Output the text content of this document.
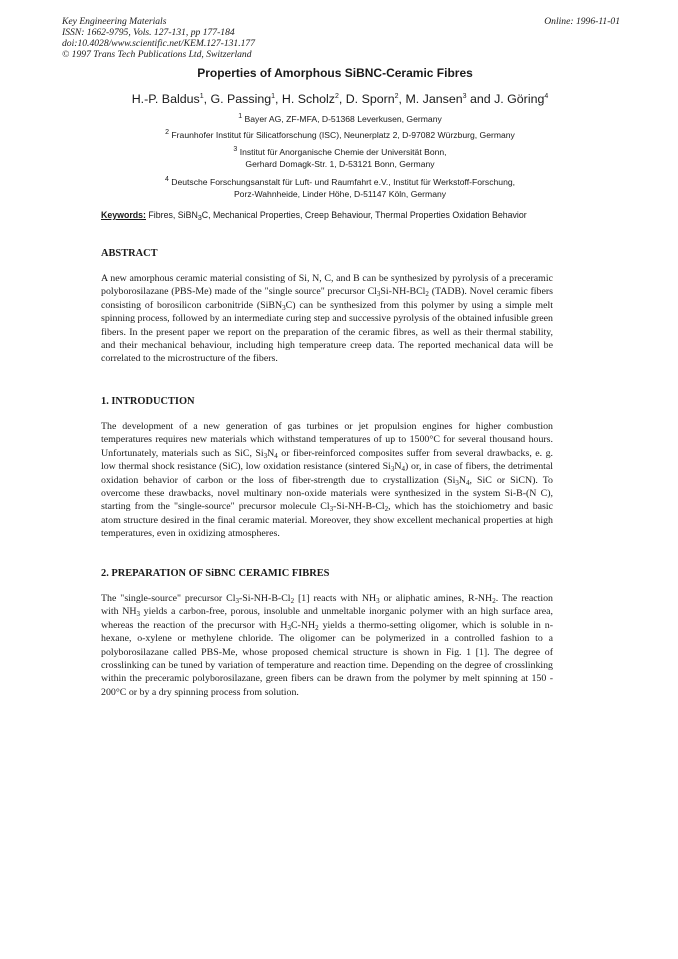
Key Engineering Materials
ISSN: 1662-9795, Vols. 127-131, pp 177-184
doi:10.4028/www.scientific.net/KEM.127-131.177
© 1997 Trans Tech Publications Ltd, Switzerland
Online: 1996-11-01
Properties of Amorphous SiBNC-Ceramic Fibres
H.-P. Baldus$^1$, G. Passing$^1$, H. Scholz$^2$, D. Sporn$^2$, M. Jansen$^3$ and J. Göring$^4$
$^1$ Bayer AG, ZF-MFA, D-51368 Leverkusen, Germany
$^2$ Fraunhofer Institut für Silicatforschung (ISC), Neunerplatz 2, D-97082 Würzburg, Germany
$^3$ Institut für Anorganische Chemie der Universität Bonn,
Gerhard Domagk-Str. 1, D-53121 Bonn, Germany
$^4$ Deutsche Forschungsanstalt für Luft- und Raumfahrt e.V., Institut für Werkstoff-Forschung,
Porz-Wahnheide, Linder Höhe, D-51147 Köln, Germany
Keywords: Fibres, SiBN$_3$C, Mechanical Properties, Creep Behaviour, Thermal Properties Oxidation Behavior
ABSTRACT

A new amorphous ceramic material consisting of Si, N, C, and B can be synthesized by pyrolysis of a preceramic polyborosilazane (PBS-Me) made of the "single source" precursor $Cl_3Si-NH-BCl_2$ (TADB). Novel ceramic fibers consisting of borosilicon carbonitride (SiBN$_3$C) can be synthesized from this polymer by using a simple melt spinning process, followed by an intermediate curing step and successive pyrolysis of the obtained infusible green fibers. In the present paper we report on the preparation of the ceramic fibres, as well as their thermal stability, and their mechanical behaviour, including high temperature creep data. The reported mechanical data will be correlated to the microstructure of the fibers.

1. INTRODUCTION

The development of a new generation of gas turbines or jet propulsion engines for higher combustion temperatures requires new materials which withstand temperatures of up to 1500°C for several thousand hours. Unfortunately, materials such as SiC, $Si_3N_4$ or fiber-reinforced composites suffer from several drawbacks, e. g. low thermal shock resistance (SiC), low oxidation resistance (sintered $Si_3N_4$) or, in case of fibers, the detrimental oxidation behavior of carbon or the loss of fiber-strength due to crystallization ($Si_3N_4$, SiC or SiCN). To overcome these drawbacks, novel multinary non-oxide materials were synthesized in the system Si-B-(N C), starting from the "single-source" precursor molecule $Cl_3-Si-NH-B-Cl_2$, which has the stoichiometry and basic atom structure desired in the final ceramic material. Moreover, they show excellent mechanical properties at high temperatures, even in oxidizing atmospheres.

2. PREPARATION OF SiBNC CERAMIC FIBRES

The "single-source" precursor $Cl_3-Si-NH-B-Cl_2$ [1] reacts with $NH_3$ or aliphatic amines, $R-NH_2$. The reaction with $NH_3$ yields a carbon-free, porous, insoluble and unmeltable inorganic polymer with an high surface area, whereas the reaction of the precursor with $H_3C-NH_2$ yields a thermo-setting oligomer, which is soluble in n-hexane, o-xylene or methylene chloride. The oligomer can be polymerized in a controlled fashion to a polyborosilazane called PBS-Me, whose proposed chemical structure is shown in Fig. 1 [1]. The degree of crosslinking can be tuned by variation of temperature and reaction time. Depending on the degree of crosslinking within the preceramic polyborosilazane, green fibers can be drawn from the polymer by melt spinning at 150 - 200°C or by a dry spinning process from solution.
